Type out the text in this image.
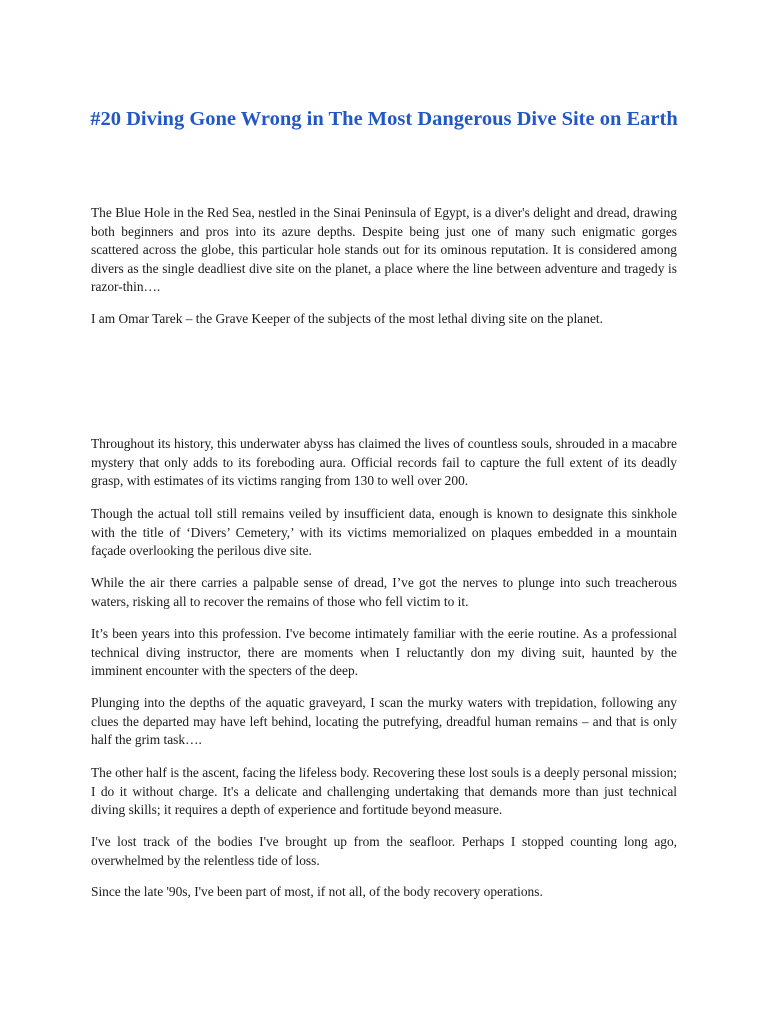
#20 Diving Gone Wrong in The Most Dangerous Dive Site on Earth

The Blue Hole in the Red Sea, nestled in the Sinai Peninsula of Egypt, is a diver's delight and dread, drawing both beginners and pros into its azure depths. Despite being just one of many such enigmatic gorges scattered across the globe, this particular hole stands out for its ominous reputation. It is considered among divers as the single deadliest dive site on the planet, a place where the line between adventure and tragedy is razor-thin….

I am Omar Tarek – the Grave Keeper of the subjects of the most lethal diving site on the planet.

Throughout its history, this underwater abyss has claimed the lives of countless souls, shrouded in a macabre mystery that only adds to its foreboding aura. Official records fail to capture the full extent of its deadly grasp, with estimates of its victims ranging from 130 to well over 200.

Though the actual toll still remains veiled by insufficient data, enough is known to designate this sinkhole with the title of ‘Divers’ Cemetery,’ with its victims memorialized on plaques embedded in a mountain façade overlooking the perilous dive site.

While the air there carries a palpable sense of dread, I’ve got the nerves to plunge into such treacherous waters, risking all to recover the remains of those who fell victim to it.

It’s been years into this profession. I've become intimately familiar with the eerie routine. As a professional technical diving instructor, there are moments when I reluctantly don my diving suit, haunted by the imminent encounter with the specters of the deep.

Plunging into the depths of the aquatic graveyard, I scan the murky waters with trepidation, following any clues the departed may have left behind, locating the putrefying, dreadful human remains – and that is only half the grim task….

The other half is the ascent, facing the lifeless body. Recovering these lost souls is a deeply personal mission; I do it without charge. It's a delicate and challenging undertaking that demands more than just technical diving skills; it requires a depth of experience and fortitude beyond measure.

I've lost track of the bodies I've brought up from the seafloor. Perhaps I stopped counting long ago, overwhelmed by the relentless tide of loss.

Since the late '90s, I've been part of most, if not all, of the body recovery operations.
